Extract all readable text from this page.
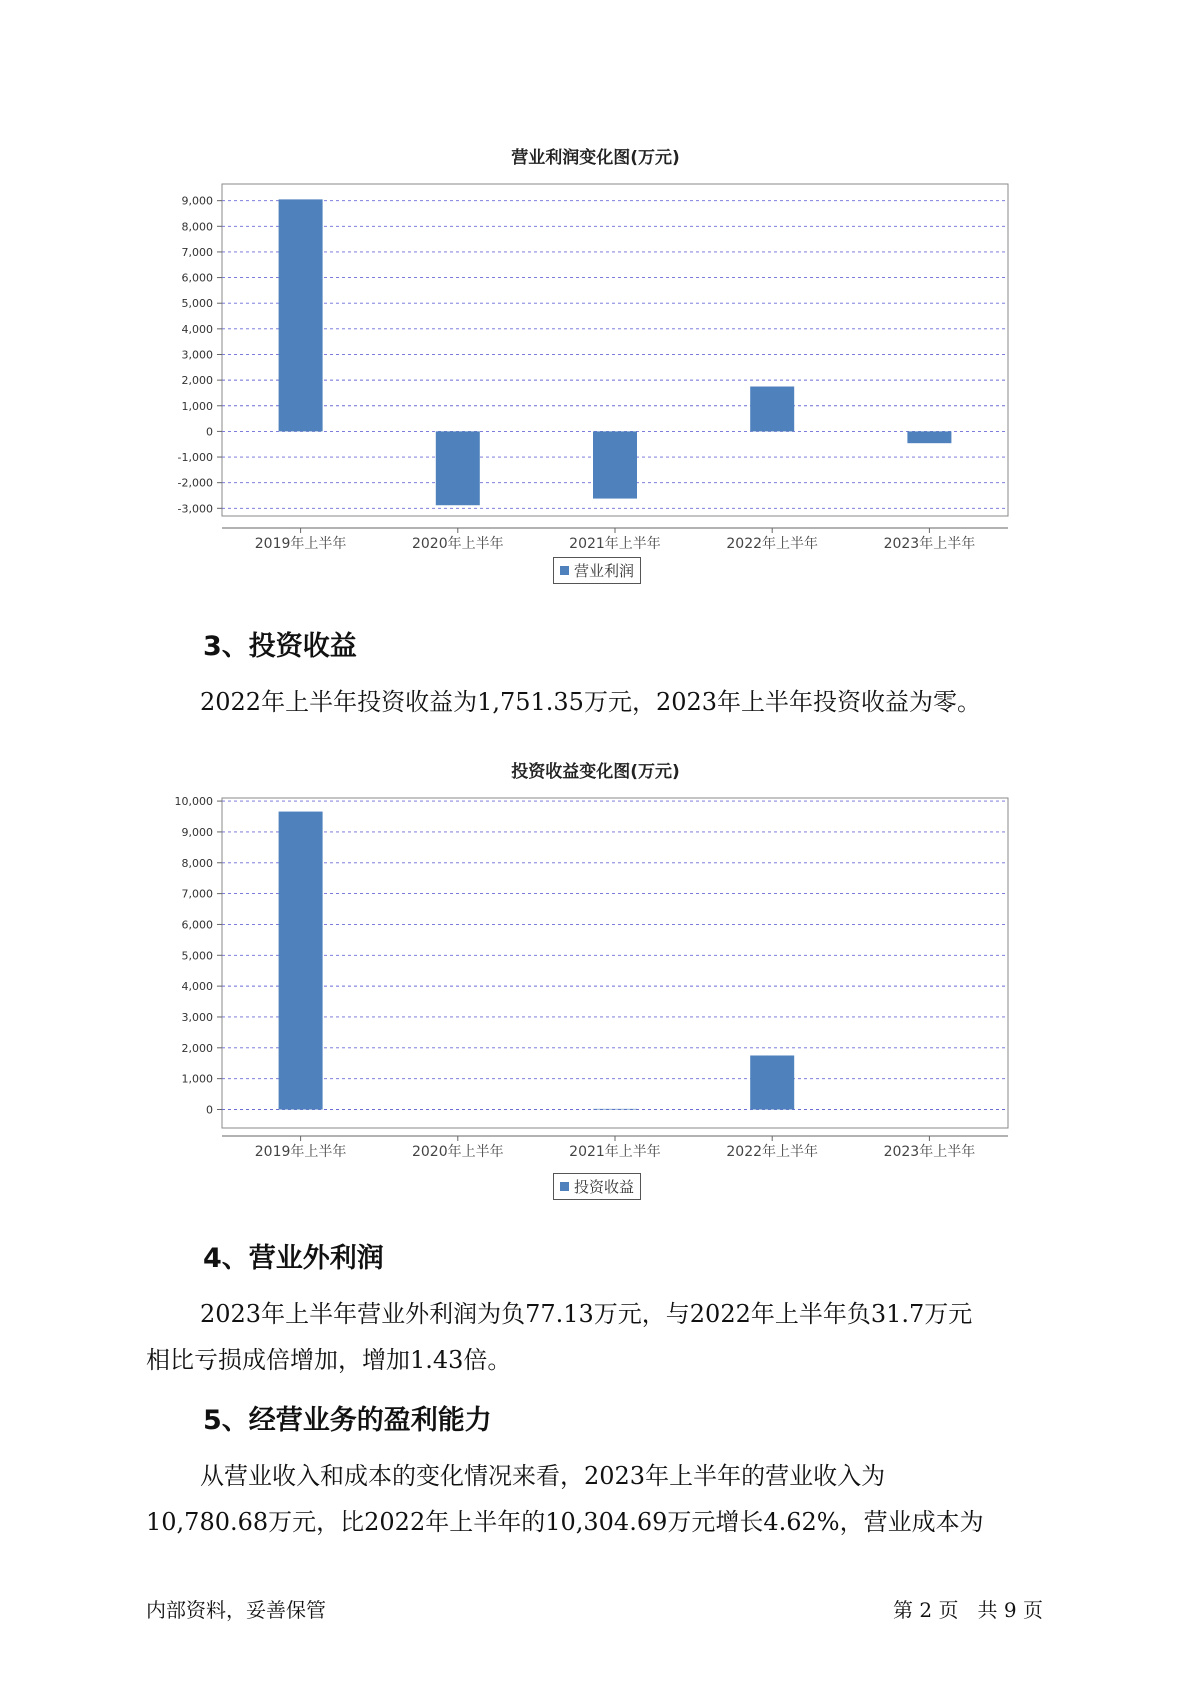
营业利润变化图(万元)
9,000
8,000
7,000
6,000
5,000
4,000
3,000
2,000
1,000
0
-1,000
-2,000
-3,000
2019年上半年	2020年上半年	2021年上半年	2022年上半年	2023年上半年
营业利润
3、投资收益
2022年上半年投资收益为1,751.35万元，2023年上半年投资收益为零。
投资收益变化图(万元)
10,000
9,000
8,000
7,000
6,000
5,000
4,000
3,000
2,000
1,000
0
2019年上半年	2020年上半年	2021年上半年	2022年上半年	2023年上半年
投资收益
4、营业外利润
2023年上半年营业外利润为负77.13万元，与2022年上半年负31.7万元
相比亏损成倍增加，增加1.43倍。
5、经营业务的盈利能力
从营业收入和成本的变化情况来看，2023年上半年的营业收入为
10,780.68万元，比2022年上半年的10,304.69万元增长4.62%，营业成本为
内部资料，妥善保管	第 2 页   共 9 页
